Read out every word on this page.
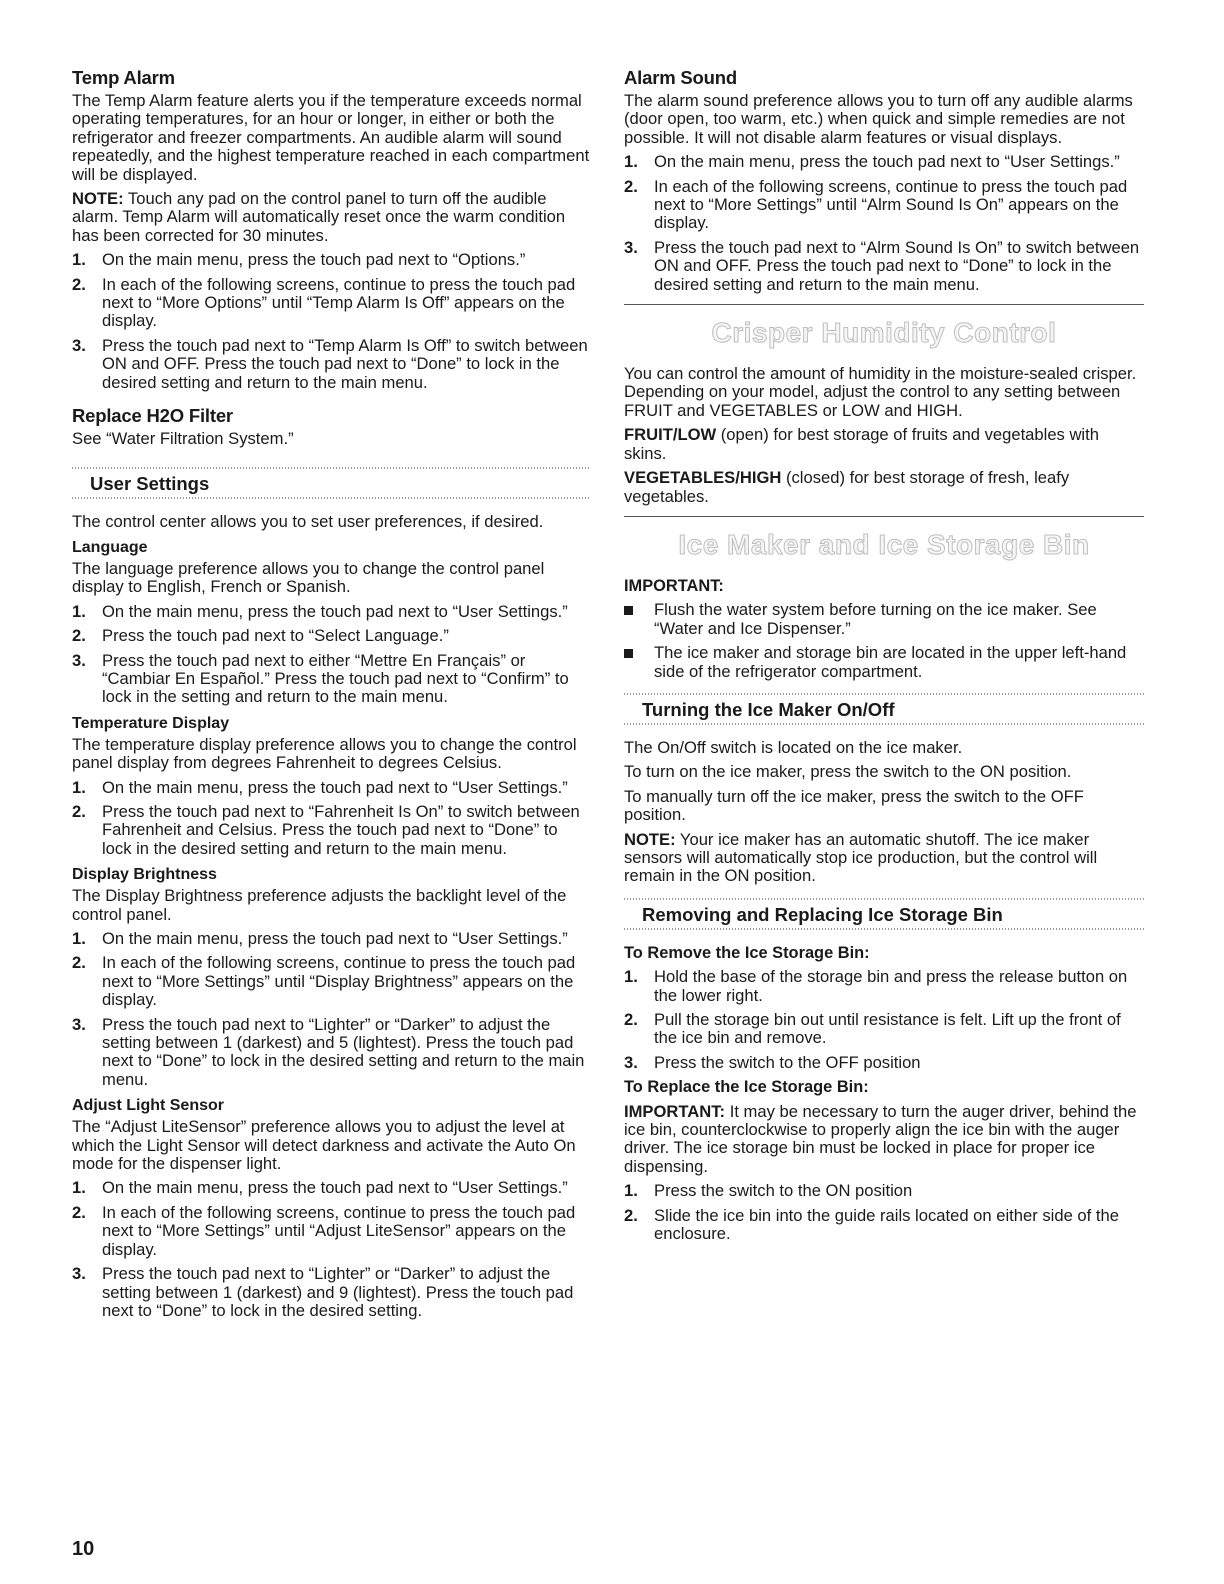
Temp Alarm

The Temp Alarm feature alerts you if the temperature exceeds normal operating temperatures, for an hour or longer, in either or both the refrigerator and freezer compartments. An audible alarm will sound repeatedly, and the highest temperature reached in each compartment will be displayed.

NOTE: Touch any pad on the control panel to turn off the audible alarm. Temp Alarm will automatically reset once the warm condition has been corrected for 30 minutes.

1. On the main menu, press the touch pad next to “Options.”
2. In each of the following screens, continue to press the touch pad next to “More Options” until “Temp Alarm Is Off” appears on the display.
3. Press the touch pad next to “Temp Alarm Is Off” to switch between ON and OFF. Press the touch pad next to “Done” to lock in the desired setting and return to the main menu.
Replace H2O Filter

See “Water Filtration System.”

User Settings

The control center allows you to set user preferences, if desired.

Language

The language preference allows you to change the control panel display to English, French or Spanish.

1. On the main menu, press the touch pad next to “User Settings.”
2. Press the touch pad next to “Select Language.”
3. Press the touch pad next to either “Mettre En Français” or “Cambiar En Español.” Press the touch pad next to “Confirm” to lock in the setting and return to the main menu.
Temperature Display

The temperature display preference allows you to change the control panel display from degrees Fahrenheit to degrees Celsius.

1. On the main menu, press the touch pad next to “User Settings.”
2. Press the touch pad next to “Fahrenheit Is On” to switch between Fahrenheit and Celsius. Press the touch pad next to “Done” to lock in the desired setting and return to the main menu.
Display Brightness

The Display Brightness preference adjusts the backlight level of the control panel.

1. On the main menu, press the touch pad next to “User Settings.”
2. In each of the following screens, continue to press the touch pad next to “More Settings” until “Display Brightness” appears on the display.
3. Press the touch pad next to “Lighter” or “Darker” to adjust the setting between 1 (darkest) and 5 (lightest). Press the touch pad next to “Done” to lock in the desired setting and return to the main menu.
Adjust Light Sensor

The “Adjust LiteSensor” preference allows you to adjust the level at which the Light Sensor will detect darkness and activate the Auto On mode for the dispenser light.

1. On the main menu, press the touch pad next to “User Settings.”
2. In each of the following screens, continue to press the touch pad next to “More Settings” until “Adjust LiteSensor” appears on the display.
3. Press the touch pad next to “Lighter” or “Darker” to adjust the setting between 1 (darkest) and 9 (lightest). Press the touch pad next to “Done” to lock in the desired setting.
Alarm Sound

The alarm sound preference allows you to turn off any audible alarms (door open, too warm, etc.) when quick and simple remedies are not possible. It will not disable alarm features or visual displays.

1. On the main menu, press the touch pad next to “User Settings.”
2. In each of the following screens, continue to press the touch pad next to “More Settings” until “Alrm Sound Is On” appears on the display.
3. Press the touch pad next to “Alrm Sound Is On” to switch between ON and OFF. Press the touch pad next to “Done” to lock in the desired setting and return to the main menu.
Crisper Humidity Control

You can control the amount of humidity in the moisture-sealed crisper. Depending on your model, adjust the control to any setting between FRUIT and VEGETABLES or LOW and HIGH.

FRUIT/LOW (open) for best storage of fruits and vegetables with skins.

VEGETABLES/HIGH (closed) for best storage of fresh, leafy vegetables.

Ice Maker and Ice Storage Bin
IMPORTANT:
Flush the water system before turning on the ice maker. See “Water and Ice Dispenser.”
The ice maker and storage bin are located in the upper left-hand side of the refrigerator compartment.
Turning the Ice Maker On/Off

The On/Off switch is located on the ice maker.

To turn on the ice maker, press the switch to the ON position.

To manually turn off the ice maker, press the switch to the OFF position.

NOTE: Your ice maker has an automatic shutoff. The ice maker sensors will automatically stop ice production, but the control will remain in the ON position.

Removing and Replacing Ice Storage Bin
To Remove the Ice Storage Bin:
1. Hold the base of the storage bin and press the release button on the lower right.
2. Pull the storage bin out until resistance is felt. Lift up the front of the ice bin and remove.
3. Press the switch to the OFF position
To Replace the Ice Storage Bin:

IMPORTANT: It may be necessary to turn the auger driver, behind the ice bin, counterclockwise to properly align the ice bin with the auger driver. The ice storage bin must be locked in place for proper ice dispensing.

1. Press the switch to the ON position
2. Slide the ice bin into the guide rails located on either side of the enclosure.
10
